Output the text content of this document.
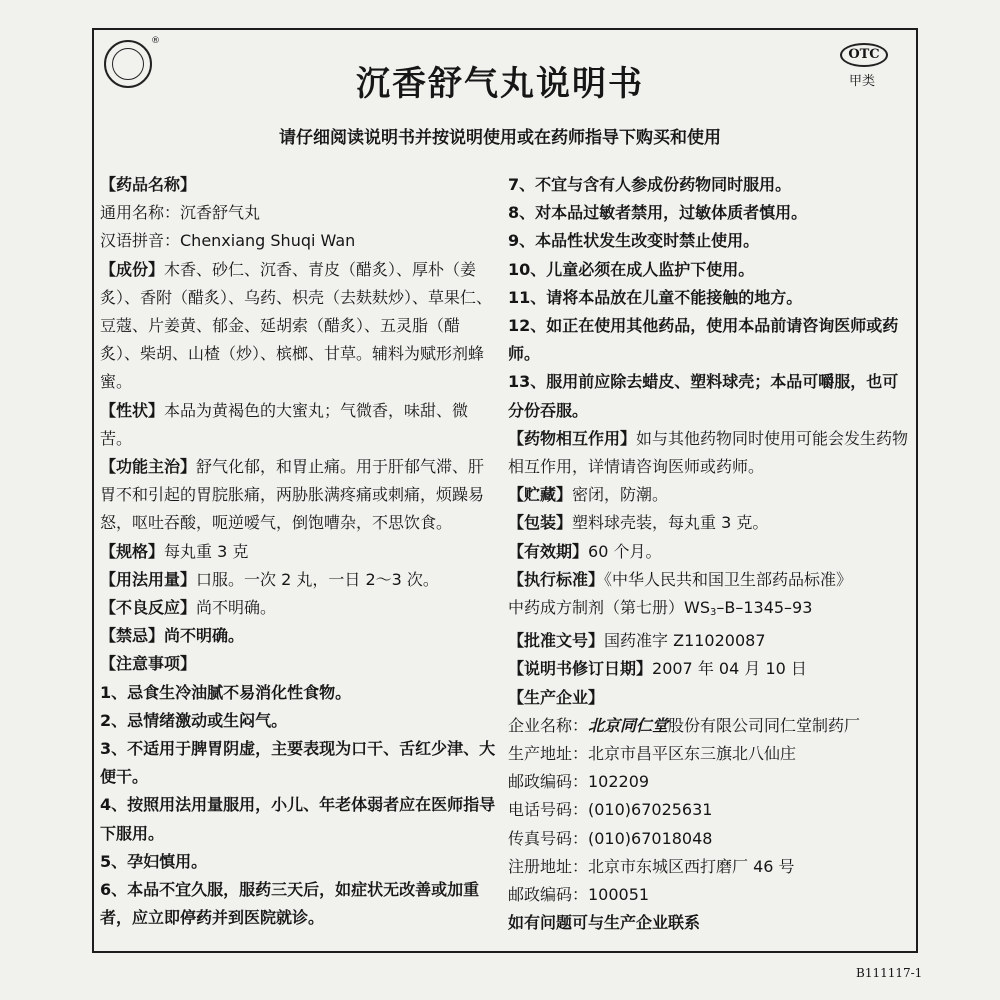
®
沉香舒气丸说明书
OTC
甲类
请仔细阅读说明书并按说明使用或在药师指导下购买和使用

【药品名称】

通用名称：沉香舒气丸

汉语拼音：Chenxiang Shuqi Wan

【成份】木香、砂仁、沉香、青皮（醋炙）、厚朴（姜炙）、香附（醋炙）、乌药、枳壳（去麸麸炒）、草果仁、豆蔻、片姜黄、郁金、延胡索（醋炙）、五灵脂（醋炙）、柴胡、山楂（炒）、槟榔、甘草。辅料为赋形剂蜂蜜。

【性状】本品为黄褐色的大蜜丸；气微香，味甜、微苦。

【功能主治】舒气化郁，和胃止痛。用于肝郁气滞、肝胃不和引起的胃脘胀痛，两胁胀满疼痛或刺痛，烦躁易怒，呕吐吞酸，呃逆嗳气，倒饱嘈杂，不思饮食。

【规格】每丸重 3 克

【用法用量】口服。一次 2 丸，一日 2～3 次。

【不良反应】尚不明确。

【禁忌】尚不明确。

【注意事项】

1、忌食生冷油腻不易消化性食物。

2、忌情绪激动或生闷气。

3、不适用于脾胃阴虚，主要表现为口干、舌红少津、大便干。

4、按照用法用量服用，小儿、年老体弱者应在医师指导下服用。

5、孕妇慎用。

6、本品不宜久服，服药三天后，如症状无改善或加重者，应立即停药并到医院就诊。

7、不宜与含有人参成份药物同时服用。

8、对本品过敏者禁用，过敏体质者慎用。

9、本品性状发生改变时禁止使用。

10、儿童必须在成人监护下使用。

11、请将本品放在儿童不能接触的地方。

12、如正在使用其他药品，使用本品前请咨询医师或药师。

13、服用前应除去蜡皮、塑料球壳；本品可嚼服，也可分份吞服。

【药物相互作用】如与其他药物同时使用可能会发生药物相互作用，详情请咨询医师或药师。

【贮藏】密闭，防潮。

【包装】塑料球壳装，每丸重 3 克。

【有效期】60 个月。

【执行标准】《中华人民共和国卫生部药品标准》

中药成方制剂（第七册）$WS_3-B-1345-93$

【批准文号】国药准字 Z11020087

【说明书修订日期】2007 年 04 月 10 日

【生产企业】

企业名称：北京同仁堂股份有限公司同仁堂制药厂

生产地址：北京市昌平区东三旗北八仙庄

邮政编码：102209

电话号码：(010)67025631

传真号码：(010)67018048

注册地址：北京市东城区西打磨厂 46 号

邮政编码：100051

如有问题可与生产企业联系

B111117-1
